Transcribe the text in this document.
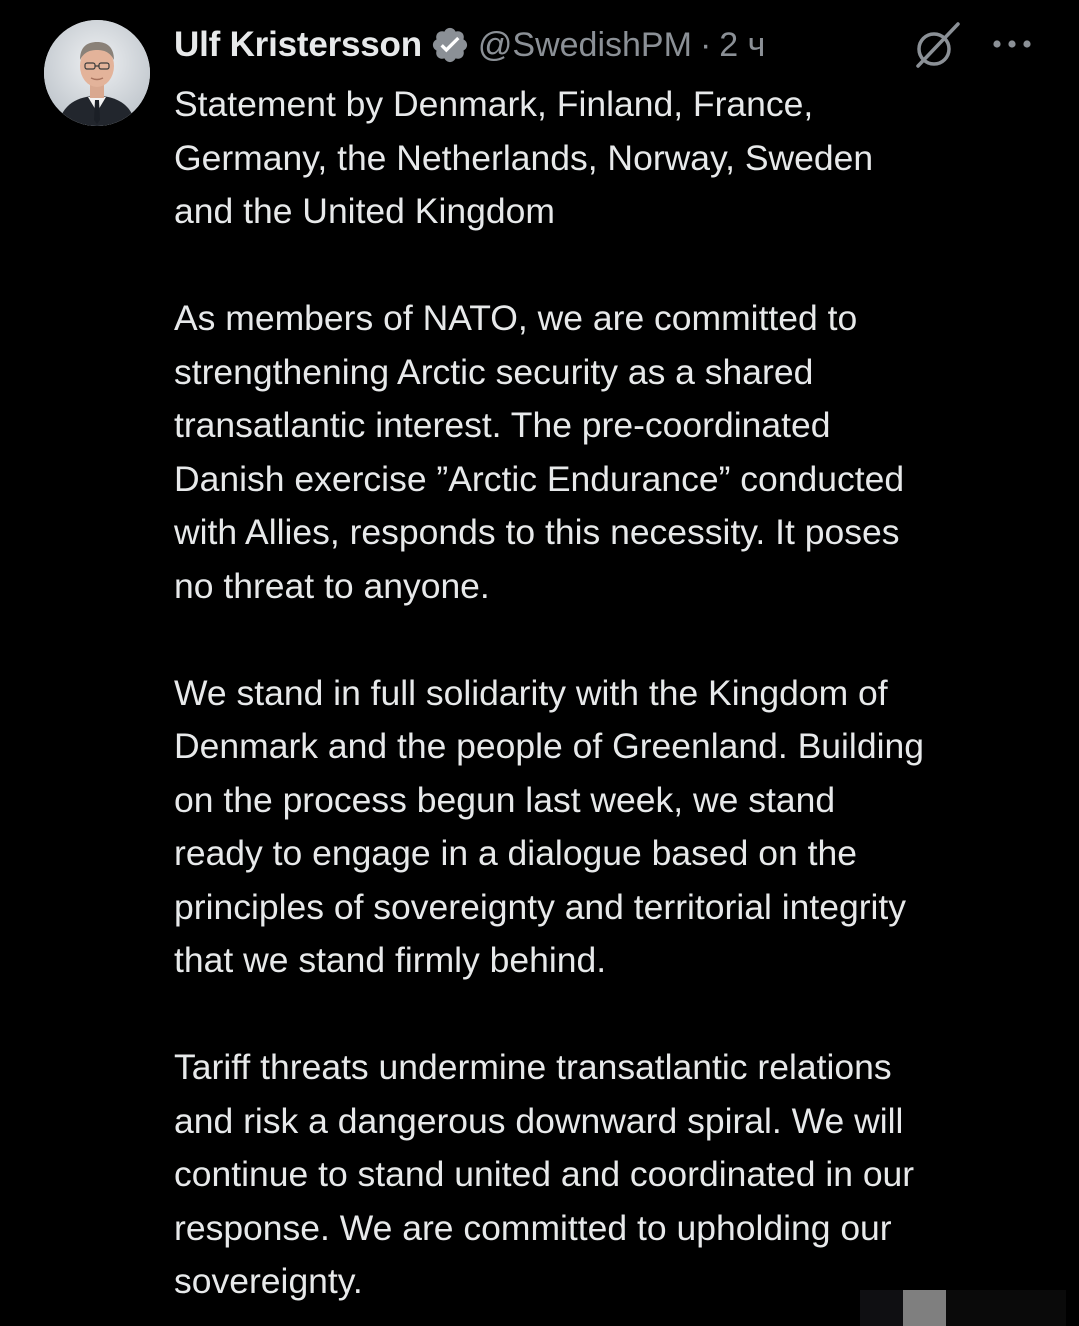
Ulf Kristersson @SwedishPM · 2 ч

Statement by Denmark, Finland, France,
Germany, the Netherlands, Norway, Sweden
and the United Kingdom

As members of NATO, we are committed to
strengthening Arctic security as a shared
transatlantic interest. The pre-coordinated
Danish exercise ”Arctic Endurance” conducted
with Allies, responds to this necessity. It poses
no threat to anyone.

We stand in full solidarity with the Kingdom of
Denmark and the people of Greenland. Building
on the process begun last week, we stand
ready to engage in a dialogue based on the
principles of sovereignty and territorial integrity
that we stand firmly behind.

Tariff threats undermine transatlantic relations
and risk a dangerous downward spiral. We will
continue to stand united and coordinated in our
response. We are committed to upholding our
sovereignty.
